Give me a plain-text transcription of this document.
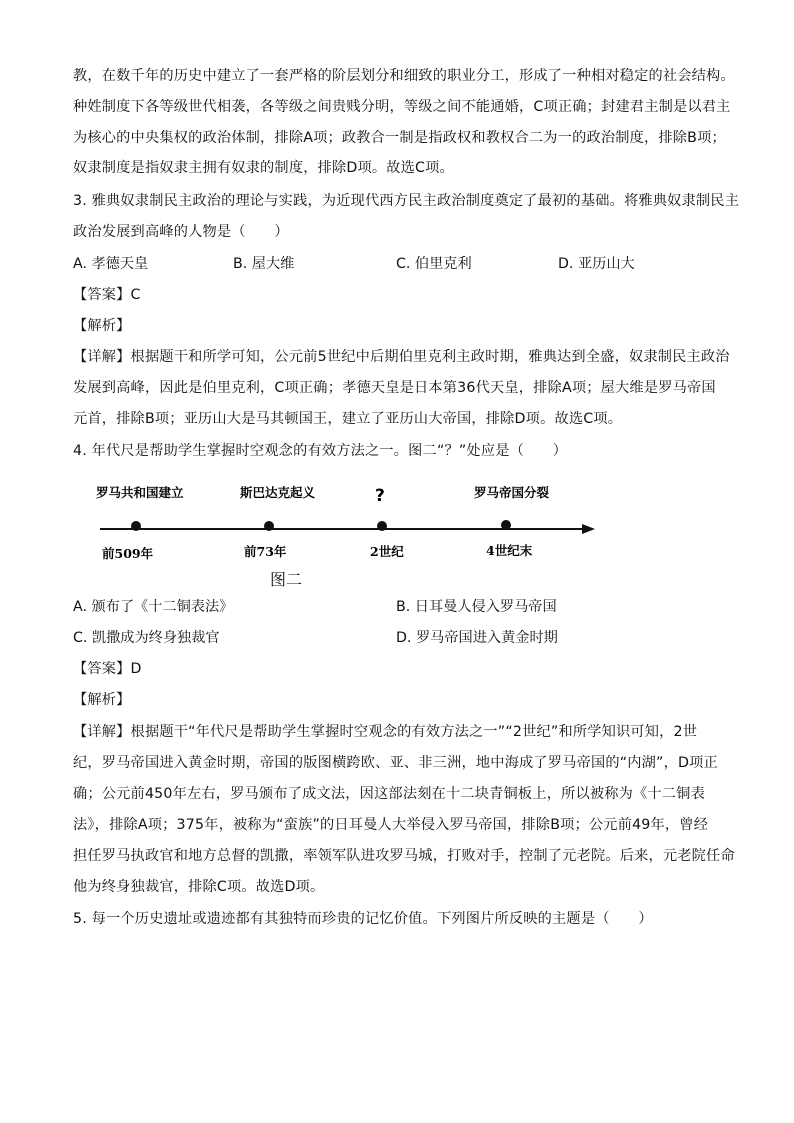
教，在数千年的历史中建立了一套严格的阶层划分和细致的职业分工，形成了一种相对稳定的社会结构。
种姓制度下各等级世代相袭，各等级之间贵贱分明，等级之间不能通婚，C项正确；封建君主制是以君主
为核心的中央集权的政治体制，排除A项；政教合一制是指政权和教权合二为一的政治制度，排除B项；
奴隶制度是指奴隶主拥有奴隶的制度，排除D项。故选C项。
3. 雅典奴隶制民主政治的理论与实践，为近现代西方民主政治制度奠定了最初的基础。将雅典奴隶制民主
政治发展到高峰的人物是（　　）
A. 孝德天皇	B. 屋大维	C. 伯里克利	D. 亚历山大
【答案】C
【解析】
【详解】根据题干和所学可知，公元前5世纪中后期伯里克利主政时期，雅典达到全盛，奴隶制民主政治
发展到高峰，因此是伯里克利，C项正确；孝德天皇是日本第36代天皇，排除A项；屋大维是罗马帝国
元首，排除B项；亚历山大是马其顿国王，建立了亚历山大帝国，排除D项。故选C项。
4. 年代尺是帮助学生掌握时空观念的有效方法之一。图二“？”处应是（　　）
罗马共和国建立	斯巴达克起义	?	罗马帝国分裂
前509年	前73年	2世纪	4世纪末
图二
A. 颁布了《十二铜表法》	B. 日耳曼人侵入罗马帝国
C. 凯撒成为终身独裁官	D. 罗马帝国进入黄金时期
【答案】D
【解析】
【详解】根据题干“年代尺是帮助学生掌握时空观念的有效方法之一”“2世纪”和所学知识可知，2世
纪，罗马帝国进入黄金时期，帝国的版图横跨欧、亚、非三洲，地中海成了罗马帝国的“内湖”，D项正
确；公元前450年左右，罗马颁布了成文法，因这部法刻在十二块青铜板上，所以被称为《十二铜表
法》，排除A项；375年，被称为“蛮族”的日耳曼人大举侵入罗马帝国，排除B项；公元前49年，曾经
担任罗马执政官和地方总督的凯撒，率领军队进攻罗马城，打败对手，控制了元老院。后来，元老院任命
他为终身独裁官，排除C项。故选D项。
5. 每一个历史遗址或遗迹都有其独特而珍贵的记忆价值。下列图片所反映的主题是（　　）
